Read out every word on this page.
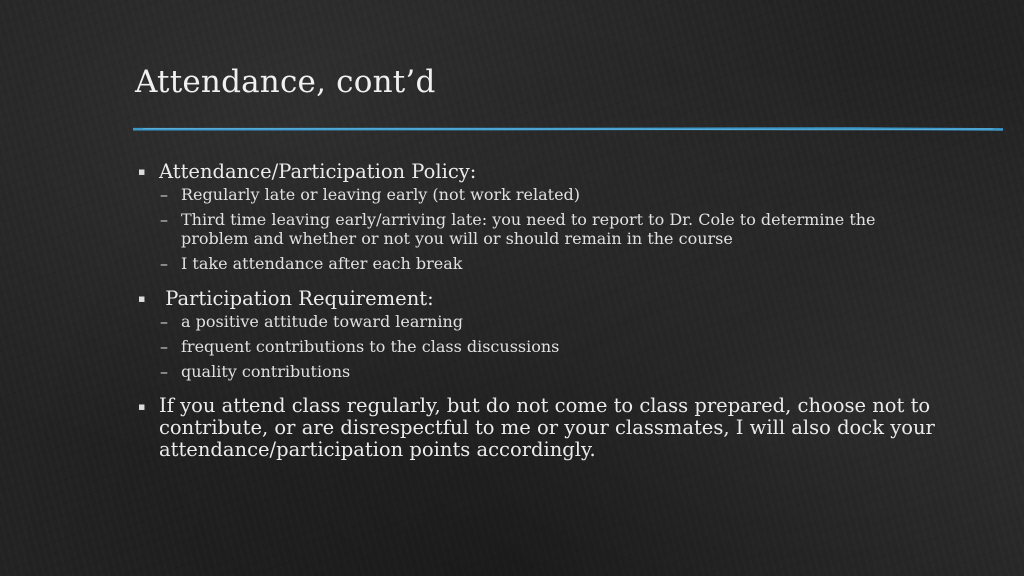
Attendance, cont’d
▪ Attendance/Participation Policy:
– Regularly late or leaving early (not work related)
– Third time leaving early/arriving late: you need to report to Dr. Cole to determine the problem and whether or not you will or should remain in the course
– I take attendance after each break
▪ Participation Requirement:
– a positive attitude toward learning
– frequent contributions to the class discussions
– quality contributions
▪ If you attend class regularly, but do not come to class prepared, choose not to contribute, or are disrespectful to me or your classmates, I will also dock your attendance/participation points accordingly.
